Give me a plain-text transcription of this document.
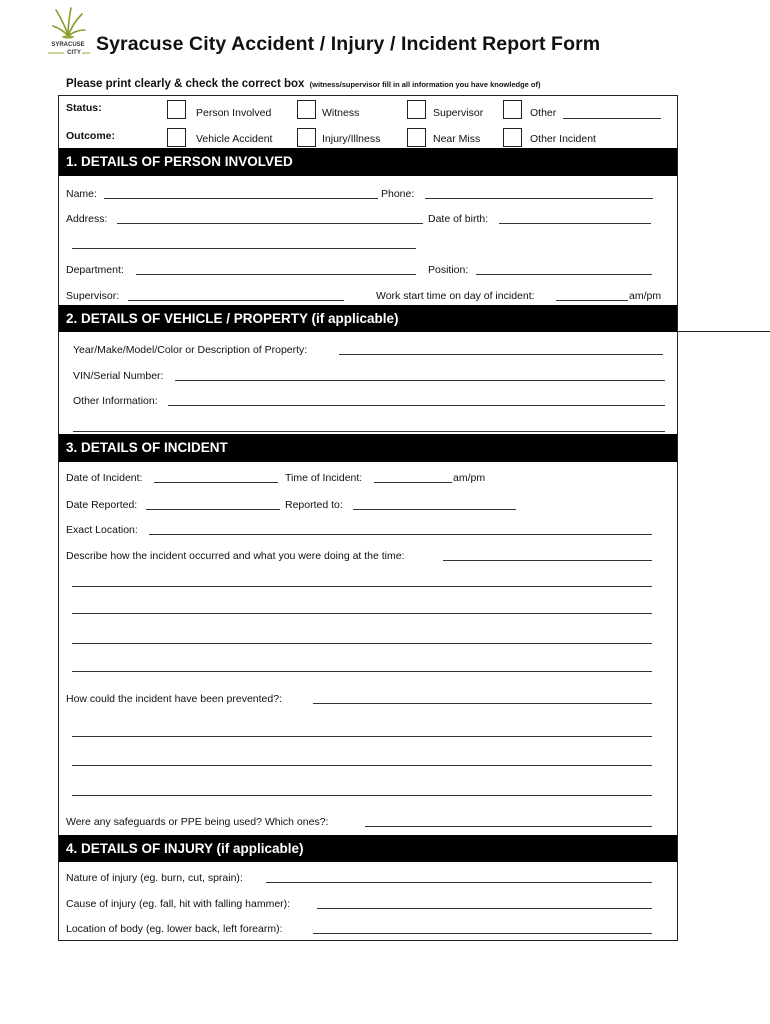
SYRACUSE
CITY Syracuse City Accident / Injury / Incident Report Form
Please print clearly & check the correct box (witness/supervisor fill in all information you have knowledge of)
Status:	Person Involved	Witness	Supervisor	Other
Outcome:	Vehicle Accident	Injury/Illness	Near Miss	Other Incident
1. DETAILS OF PERSON INVOLVED
Name:	Phone:
Address:	Date of birth:
Department:	Position:
Supervisor:	Work start time on day of incident:	am/pm
2. DETAILS OF VEHICLE / PROPERTY (if applicable)
Year/Make/Model/Color or Description of Property:
VIN/Serial Number:
Other Information:
3. DETAILS OF INCIDENT
Date of Incident:	Time of Incident:	am/pm
Date Reported:	Reported to:
Exact Location:
Describe how the incident occurred and what you were doing at the time:
How could the incident have been prevented?:
Were any safeguards or PPE being used? Which ones?:
4. DETAILS OF INJURY (if applicable)
Nature of injury (eg. burn, cut, sprain):
Cause of injury (eg. fall, hit with falling hammer):
Location of body (eg. lower back, left forearm):
